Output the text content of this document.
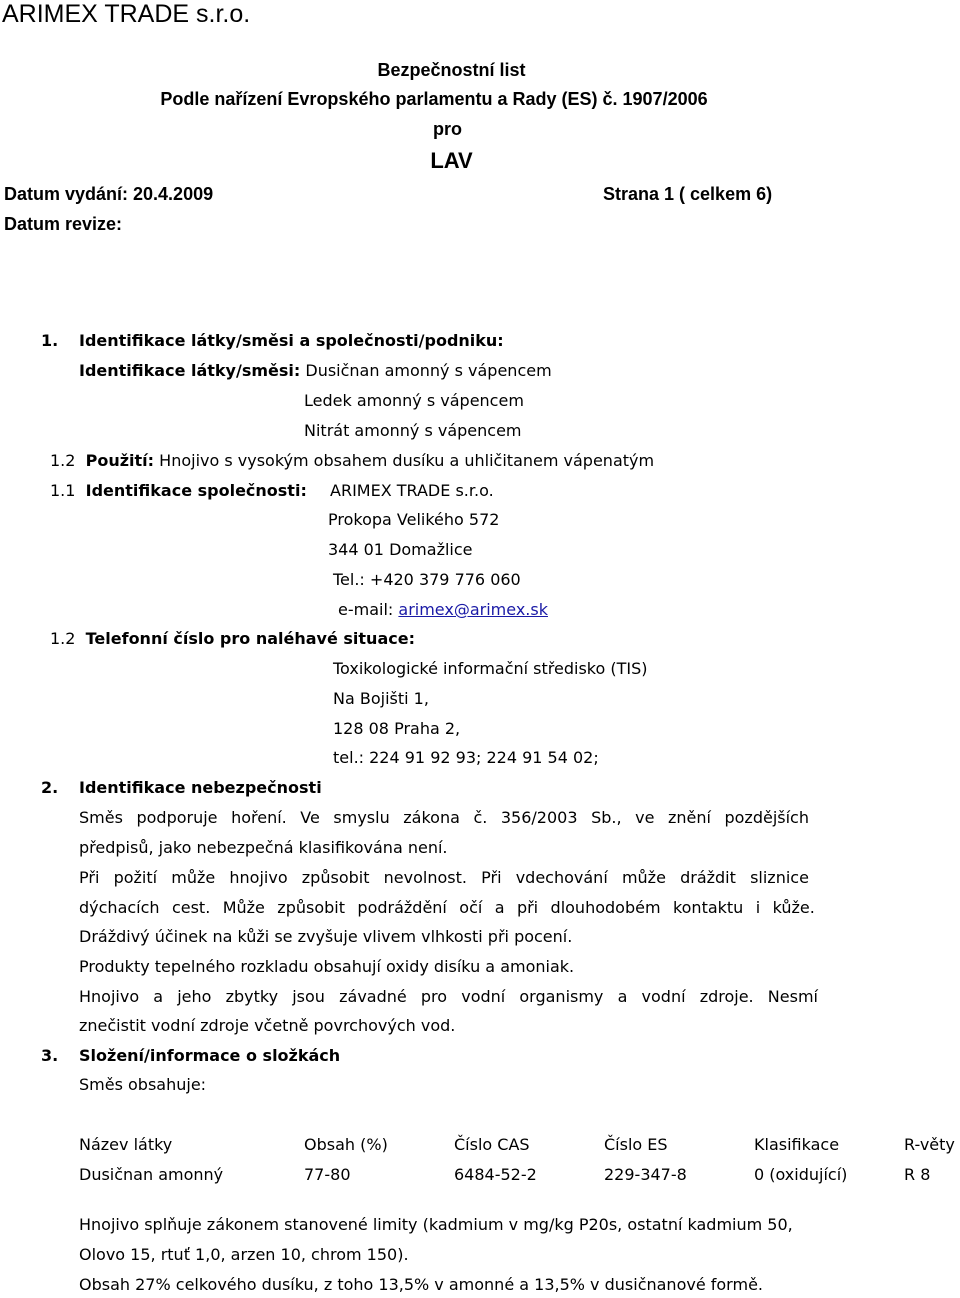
ARIMEX TRADE s.r.o.
Bezpečnostní list
Podle nařízení Evropského parlamentu a Rady (ES) č. 1907/2006
pro
LAV
Datum vydání: 20.4.2009	Strana 1 ( celkem 6)
Datum revize:
1. Identifikace látky/směsi a společnosti/podniku:
Identifikace látky/směsi: Dusičnan amonný s vápencem
Ledek amonný s vápencem
Nitrát amonný s vápencem
1.2 Použití: Hnojivo s vysokým obsahem dusíku a uhličitanem vápenatým
1.1 Identifikace společnosti: ARIMEX TRADE s.r.o.
Prokopa Velikého 572
344 01 Domažlice
Tel.: +420 379 776 060
e-mail: arimex@arimex.sk
1.2 Telefonní číslo pro naléhavé situace:
Toxikologické informační středisko (TIS)
Na Bojišti 1,
128 08 Praha 2,
tel.: 224 91 92 93; 224 91 54 02;
2. Identifikace nebezpečnosti
Směs podporuje hoření. Ve smyslu zákona č. 356/2003 Sb., ve znění pozdějších
předpisů, jako nebezpečná klasifikována není.
Při požití může hnojivo způsobit nevolnost. Při vdechování může dráždit sliznice
dýchacích cest. Může způsobit podráždění očí a při dlouhodobém kontaktu i kůže.
Dráždivý účinek na kůži se zvyšuje vlivem vlhkosti při pocení.
Produkty tepelného rozkladu obsahují oxidy disíku a amoniak.
Hnojivo a jeho zbytky jsou závadné pro vodní organismy a vodní zdroje. Nesmí
znečistit vodní zdroje včetně povrchových vod.
3. Složení/informace o složkách
Směs obsahuje:
Název látky	Obsah (%)	Číslo CAS	Číslo ES	Klasifikace	R-věty
Dusičnan amonný	77-80	6484-52-2	229-347-8	0 (oxidující)	R 8
Hnojivo splňuje zákonem stanovené limity (kadmium v mg/kg P20s, ostatní kadmium 50,
Olovo 15, rtuť 1,0, arzen 10, chrom 150).
Obsah 27% celkového dusíku, z toho 13,5% v amonné a 13,5% v dusičnanové formě.
